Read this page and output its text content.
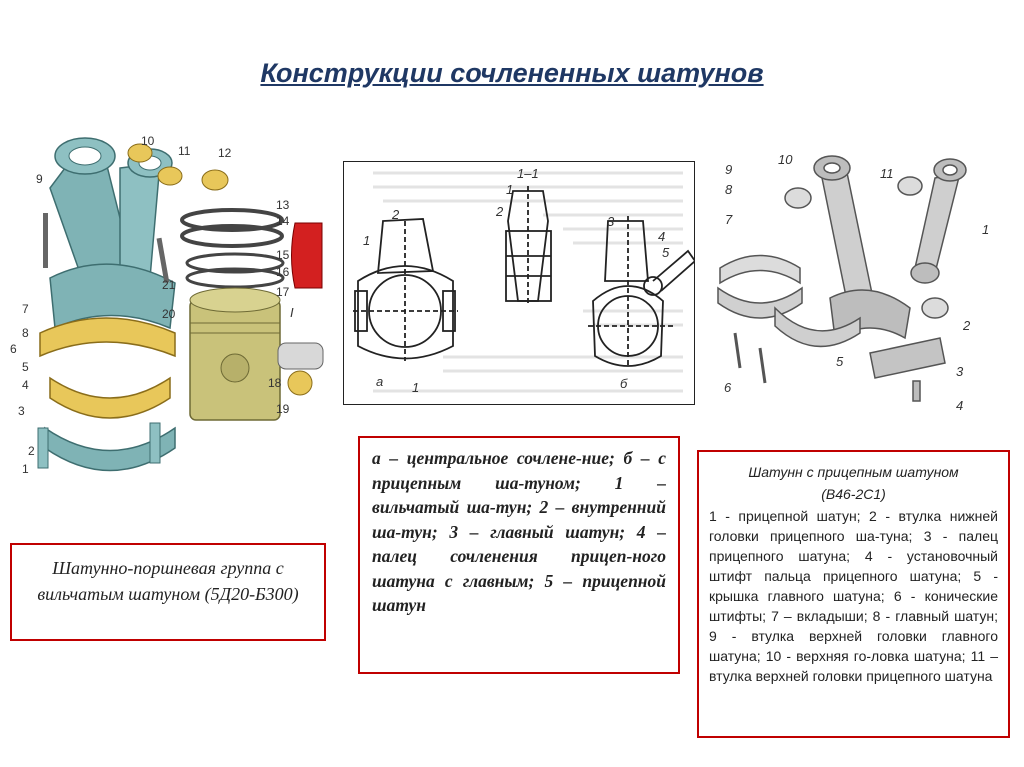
Конструкции сочлененных шатунов
10
11 12
9
13
14
15
16
17
21
20	I
7
8
6
5
4
3
18
19
2
1
1–1
1
2
2
1
3
4
5
а 1	б
10
9
8
11
7
1
2
5
3
6
4
Шатунно-поршневая группа с вильчатым шатуном (5Д20-Б300)
а – центральное сочлене-ние; б – с прицепным ша-туном; 1 – вильчатый ша-тун; 2 – внутренний ша-тун; 3 – главный шатун; 4 – палец сочленения прицеп-ного шатуна с главным; 5 – прицепной шатун
Шатунн с прицепным шатуном
(В46-2С1)
1 - прицепной шатун; 2 - втулка нижней головки прицепного ша-туна; 3 - палец прицепного шатуна; 4 - установочный штифт пальца прицепного шатуна; 5 - крышка главного шатуна; 6 - конические штифты; 7 – вкладыши; 8 - главный шатун; 9 - втулка верхней головки главного шатуна; 10 - верхняя го-ловка шатуна; 11 – втулка верхней головки прицепного шатуна
